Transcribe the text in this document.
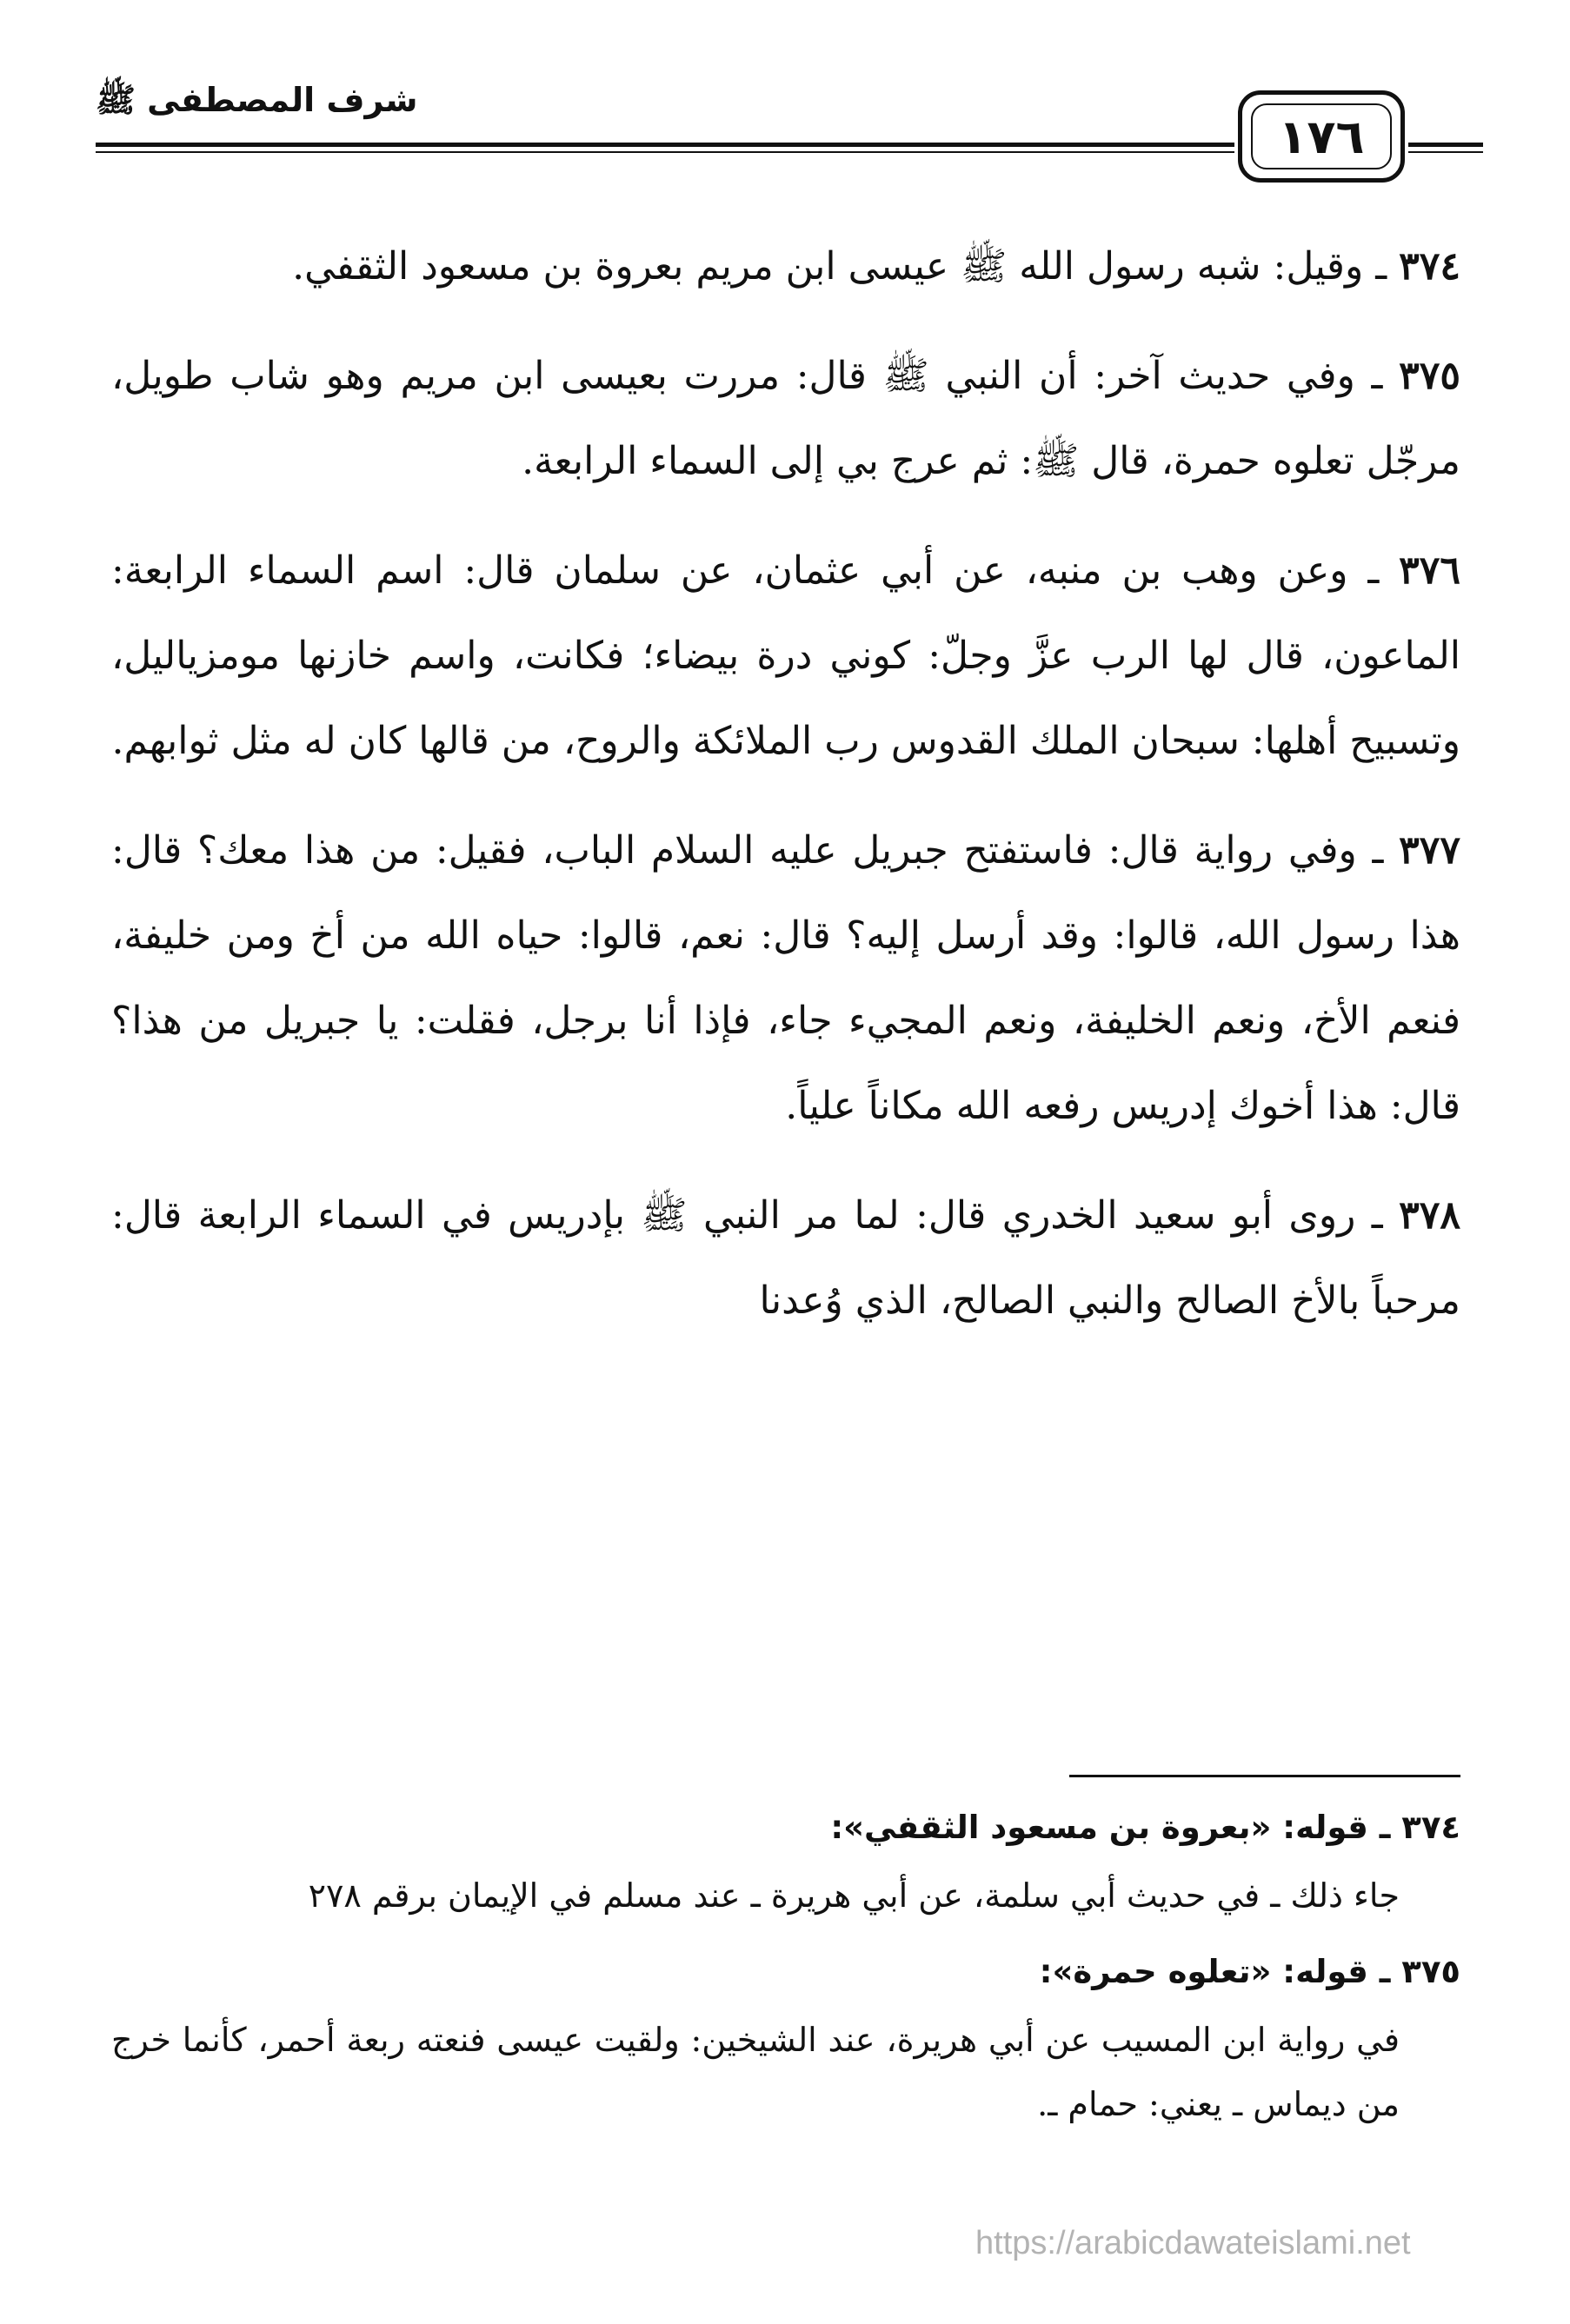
شرف المصطفى ﷺ
١٧٦

٣٧٤ ـ وقيل: شبه رسول الله ﷺ عيسى ابن مريم بعروة بن مسعود الثقفي.

٣٧٥ ـ وفي حديث آخر: أن النبي ﷺ قال: مررت بعيسى ابن مريم وهو شاب طويل، مرجّل تعلوه حمرة، قال ﷺ: ثم عرج بي إلى السماء الرابعة.

٣٧٦ ـ وعن وهب بن منبه، عن أبي عثمان، عن سلمان قال: اسم السماء الرابعة: الماعون، قال لها الرب عزَّ وجلّ: كوني درة بيضاء؛ فكانت، واسم خازنها مومزياليل، وتسبيح أهلها: سبحان الملك القدوس رب الملائكة والروح، من قالها كان له مثل ثوابهم.

٣٧٧ ـ وفي رواية قال: فاستفتح جبريل عليه السلام الباب، فقيل: من هذا معك؟ قال: هذا رسول الله، قالوا: وقد أرسل إليه؟ قال: نعم، قالوا: حياه الله من أخ ومن خليفة، فنعم الأخ، ونعم الخليفة، ونعم المجيء جاء، فإذا أنا برجل، فقلت: يا جبريل من هذا؟ قال: هذا أخوك إدريس رفعه الله مكاناً علياً.

٣٧٨ ـ روى أبو سعيد الخدري قال: لما مر النبي ﷺ بإدريس في السماء الرابعة قال: مرحباً بالأخ الصالح والنبي الصالح، الذي وُعدنا

٣٧٤ ـ قوله: «بعروة بن مسعود الثقفي»:

جاء ذلك ـ في حديث أبي سلمة، عن أبي هريرة ـ عند مسلم في الإيمان برقم ٢٧٨

٣٧٥ ـ قوله: «تعلوه حمرة»:

في رواية ابن المسيب عن أبي هريرة، عند الشيخين: ولقيت عيسى فنعته ربعة أحمر، كأنما خرج من ديماس ـ يعني: حمام ـ.

https://arabicdawateislami.net
